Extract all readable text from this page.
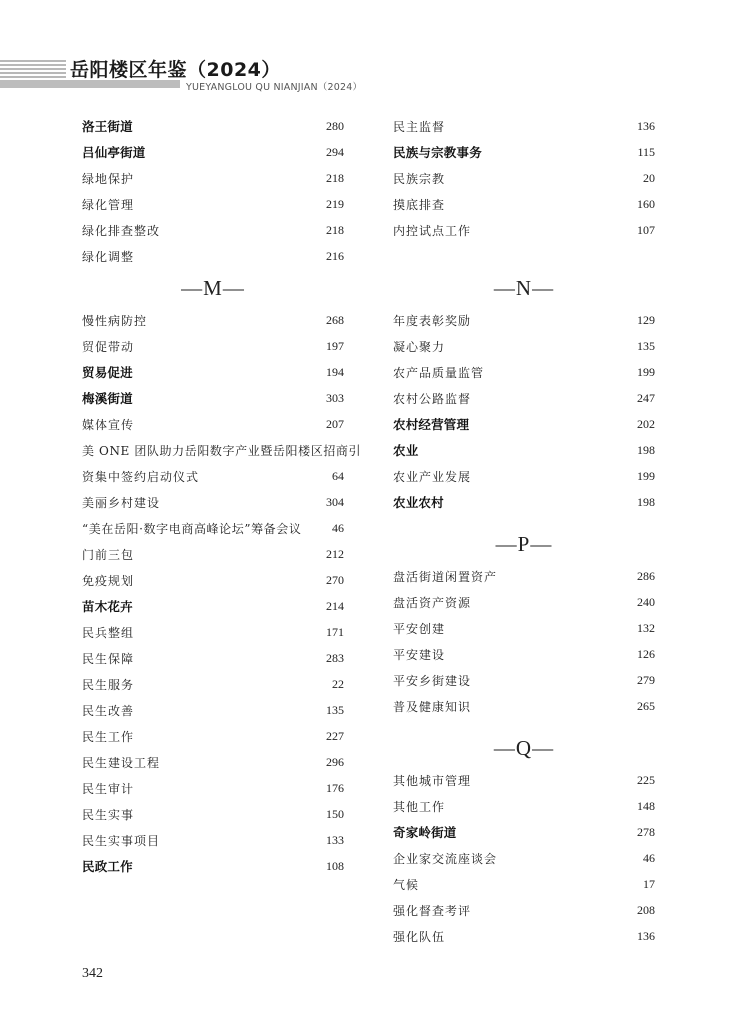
岳阳楼区年鉴（2024）
YUEYANGLOU QU NIANJIAN（2024）
洛王街道	280
吕仙亭街道	294
绿地保护	218
绿化管理	219
绿化排查整改	218
绿化调整	216
—M—
慢性病防控	268
贸促带动	197
贸易促进	194
梅溪街道	303
媒体宣传	207
美 ONE 团队助力岳阳数字产业暨岳阳楼区招商引
资集中签约启动仪式	64
美丽乡村建设	304
“美在岳阳·数字电商高峰论坛”筹备会议	46
门前三包	212
免疫规划	270
苗木花卉	214
民兵整组	171
民生保障	283
民生服务	22
民生改善	135
民生工作	227
民生建设工程	296
民生审计	176
民生实事	150
民生实事项目	133
民政工作	108
民主监督	136
民族与宗教事务	115
民族宗教	20
摸底排查	160
内控试点工作	107
—N—
年度表彰奖励	129
凝心聚力	135
农产品质量监管	199
农村公路监督	247
农村经营管理	202
农业	198
农业产业发展	199
农业农村	198
—P—
盘活街道闲置资产	286
盘活资产资源	240
平安创建	132
平安建设	126
平安乡街建设	279
普及健康知识	265
—Q—
其他城市管理	225
其他工作	148
奇家岭街道	278
企业家交流座谈会	46
气候	17
强化督查考评	208
强化队伍	136
342
